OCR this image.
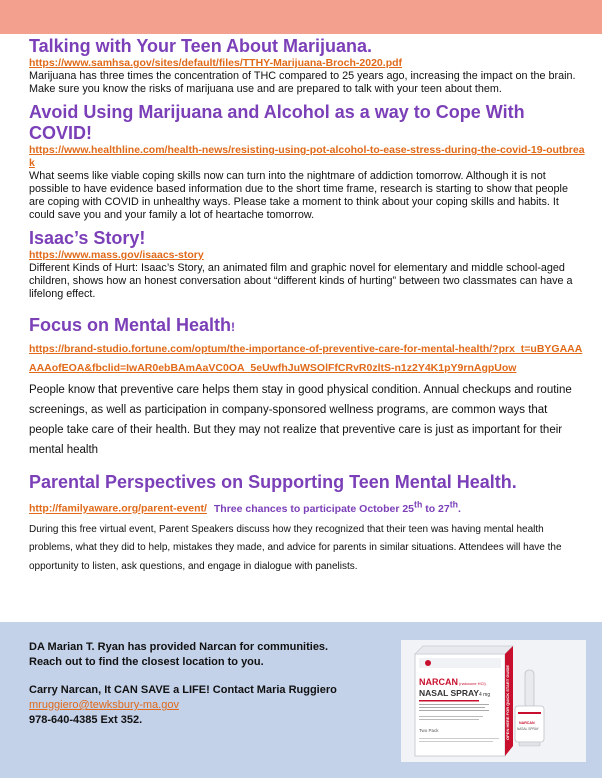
Talking with Your Teen About Marijuana.
https://www.samhsa.gov/sites/default/files/TTHY-Marijuana-Broch-2020.pdf

Marijuana has three times the concentration of THC compared to 25 years ago, increasing the impact on the brain. Make sure you know the risks of marijuana use and are prepared to talk with your teen about them.

Avoid Using Marijuana and Alcohol as a way to Cope With COVID!
https://www.healthline.com/health-news/resisting-using-pot-alcohol-to-ease-stress-during-the-covid-19-outbreak

What seems like viable coping skills now can turn into the nightmare of addiction tomorrow. Although it is not possible to have evidence based information due to the short time frame, research is starting to show that people are coping with COVID in unhealthy ways. Please take a moment to think about your coping skills and habits. It could save you and your family a lot of heartache tomorrow.

Isaac’s Story!
https://www.mass.gov/isaacs-story

Different Kinds of Hurt: Isaac’s Story, an animated film and graphic novel for elementary and middle school-aged children, shows how an honest conversation about “different kinds of hurting” between two classmates can have a lifelong effect.

Focus on Mental Health!
https://brand-studio.fortune.com/optum/the-importance-of-preventive-care-for-mental-health/?prx_t=uBYGAAAAAAofEOA&fbclid=IwAR0ebBAmAaVC0OA_5eUwfhJuWSOlFfCRvR0zltS-n1z2Y4K1pY9rnAgpUow

People know that preventive care helps them stay in good physical condition. Annual checkups and routine screenings, as well as participation in company-sponsored wellness programs, are common ways that people take care of their health. But they may not realize that preventive care is just as important for their mental health

Parental Perspectives on Supporting Teen Mental Health.
http://familyaware.org/parent-event/ Three chances to participate October 25th to 27th.

During this free virtual event, Parent Speakers discuss how they recognized that their teen was having mental health problems, what they did to help, mistakes they made, and advice for parents in similar situations. Attendees will have the opportunity to listen, ask questions, and engage in dialogue with panelists.

DA Marian T. Ryan has provided Narcan for communities.
Reach out to find the closest location to you.
Carry Narcan, It CAN SAVE a LIFE! Contact Maria Ruggiero
mruggiero@tewksbury-ma.gov
978-640-4385 Ext 352.	OPEN HERE FOR QUICK START GUIDE
NARCAN (naloxone HCl)
NASAL SPRAY 4 mg
Two Pack
NARCAN
NASAL SPRAY
